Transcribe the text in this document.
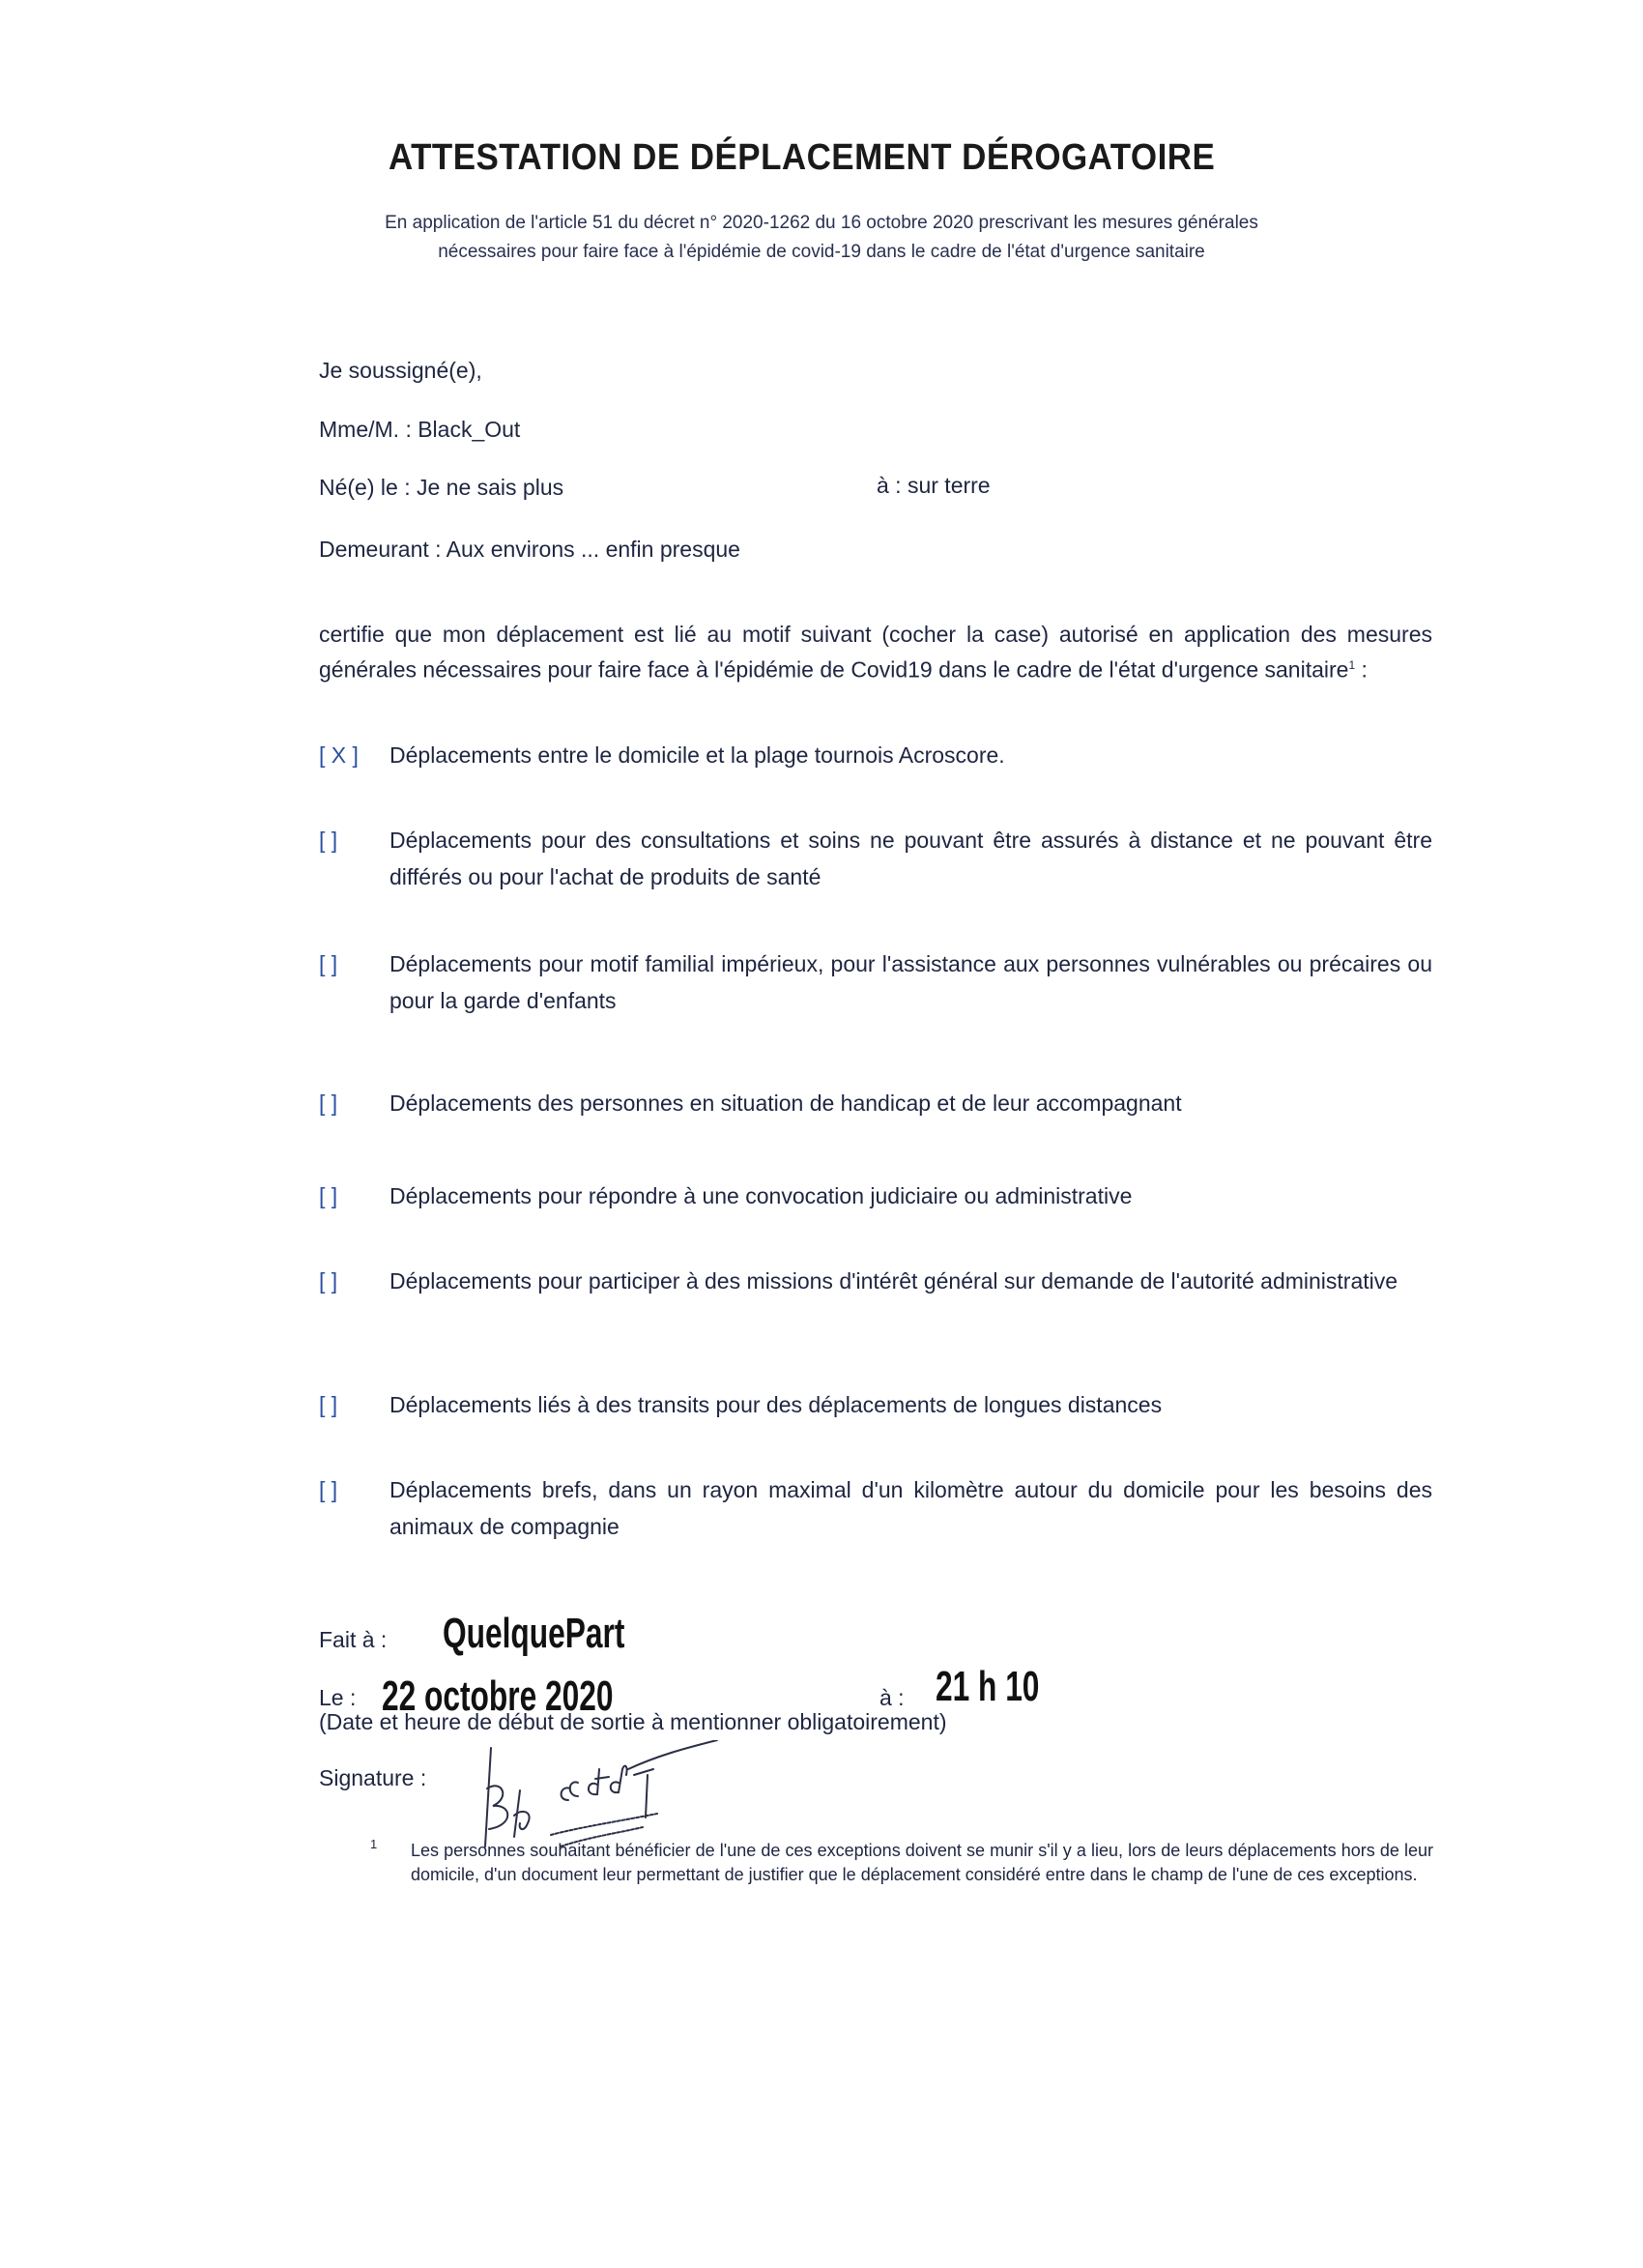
ATTESTATION DE DÉPLACEMENT DÉROGATOIRE
En application de l'article 51 du décret n° 2020-1262 du 16 octobre 2020 prescrivant les mesures générales
nécessaires pour faire face à l'épidémie de covid-19 dans le cadre de l'état d'urgence sanitaire
Je soussigné(e),
Mme/M. : Black_Out
Né(e) le : Je ne sais plus	à : sur terre
Demeurant : Aux environs ... enfin presque
certifie que mon déplacement est lié au motif suivant (cocher la case) autorisé en application des mesures générales nécessaires pour faire face à l'épidémie de Covid19 dans le cadre de l'état d'urgence sanitaire$^1$ :
[ X ] Déplacements entre le domicile et la plage tournois Acroscore.
[ ] Déplacements pour des consultations et soins ne pouvant être assurés à distance et ne pouvant être différés ou pour l'achat de produits de santé
[ ] Déplacements pour motif familial impérieux, pour l'assistance aux personnes vulnérables ou précaires ou pour la garde d'enfants
[ ] Déplacements des personnes en situation de handicap et de leur accompagnant
[ ] Déplacements pour répondre à une convocation judiciaire ou administrative
[ ] Déplacements pour participer à des missions d'intérêt général sur demande de l'autorité administrative
[ ] Déplacements liés à des transits pour des déplacements de longues distances
[ ] Déplacements brefs, dans un rayon maximal d'un kilomètre autour du domicile pour les besoins des animaux de compagnie
Fait à : QuelquePart
Le : 22 octobre 2020	à : 21 h 10
(Date et heure de début de sortie à mentionner obligatoirement)
Signature :
1 Les personnes souhaitant bénéficier de l'une de ces exceptions doivent se munir s'il y a lieu, lors de leurs déplacements hors de leur domicile, d'un document leur permettant de justifier que le déplacement considéré entre dans le champ de l'une de ces exceptions.
